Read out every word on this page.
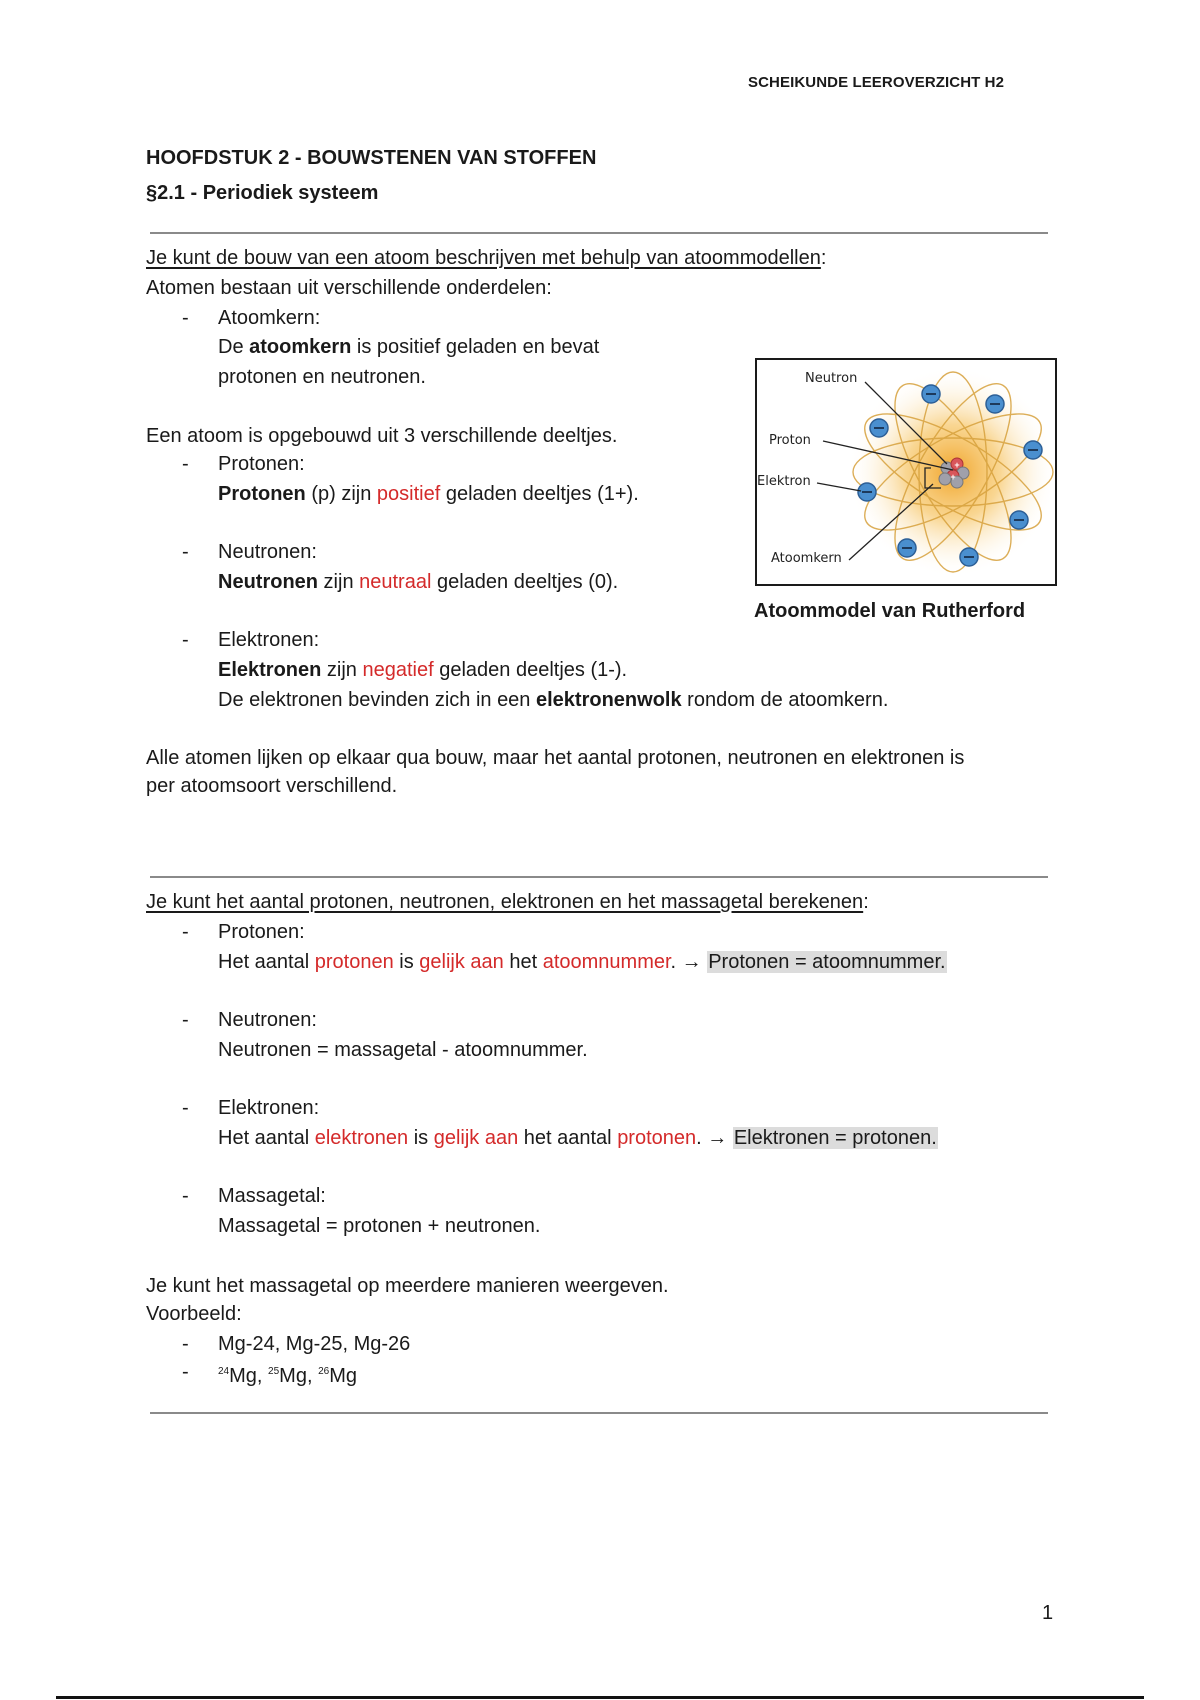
SCHEIKUNDE LEEROVERZICHT H2
HOOFDSTUK 2 - BOUWSTENEN VAN STOFFEN
§2.1 - Periodiek systeem
Je kunt de bouw van een atoom beschrijven met behulp van atoommodellen:
Atomen bestaan uit verschillende onderdelen:
- Atoomkern:
De atoomkern is positief geladen en bevat
protonen en neutronen.
Een atoom is opgebouwd uit 3 verschillende deeltjes.
- Protonen:
Protonen (p) zijn positief geladen deeltjes (1+).
- Neutronen:
Neutronen zijn neutraal geladen deeltjes (0).
- Elektronen:
Elektronen zijn negatief geladen deeltjes (1-).
De elektronen bevinden zich in een elektronenwolk rondom de atoomkern.
Alle atomen lijken op elkaar qua bouw, maar het aantal protonen, neutronen en elektronen is
per atoomsoort verschillend.
+
+
Neutron
Proton
Elektron
Atoomkern
Atoommodel van Rutherford
Je kunt het aantal protonen, neutronen, elektronen en het massagetal berekenen:
- Protonen:
Het aantal protonen is gelijk aan het atoomnummer. → Protonen = atoomnummer.
- Neutronen:
Neutronen = massagetal - atoomnummer.
- Elektronen:
Het aantal elektronen is gelijk aan het aantal protonen. → Elektronen = protonen.
- Massagetal:
Massagetal = protonen + neutronen.
Je kunt het massagetal op meerdere manieren weergeven.
Voorbeeld:
- Mg-24, Mg-25, Mg-26
-	$^{24}$Mg, $^{25}$Mg, $^{26}$Mg
1
